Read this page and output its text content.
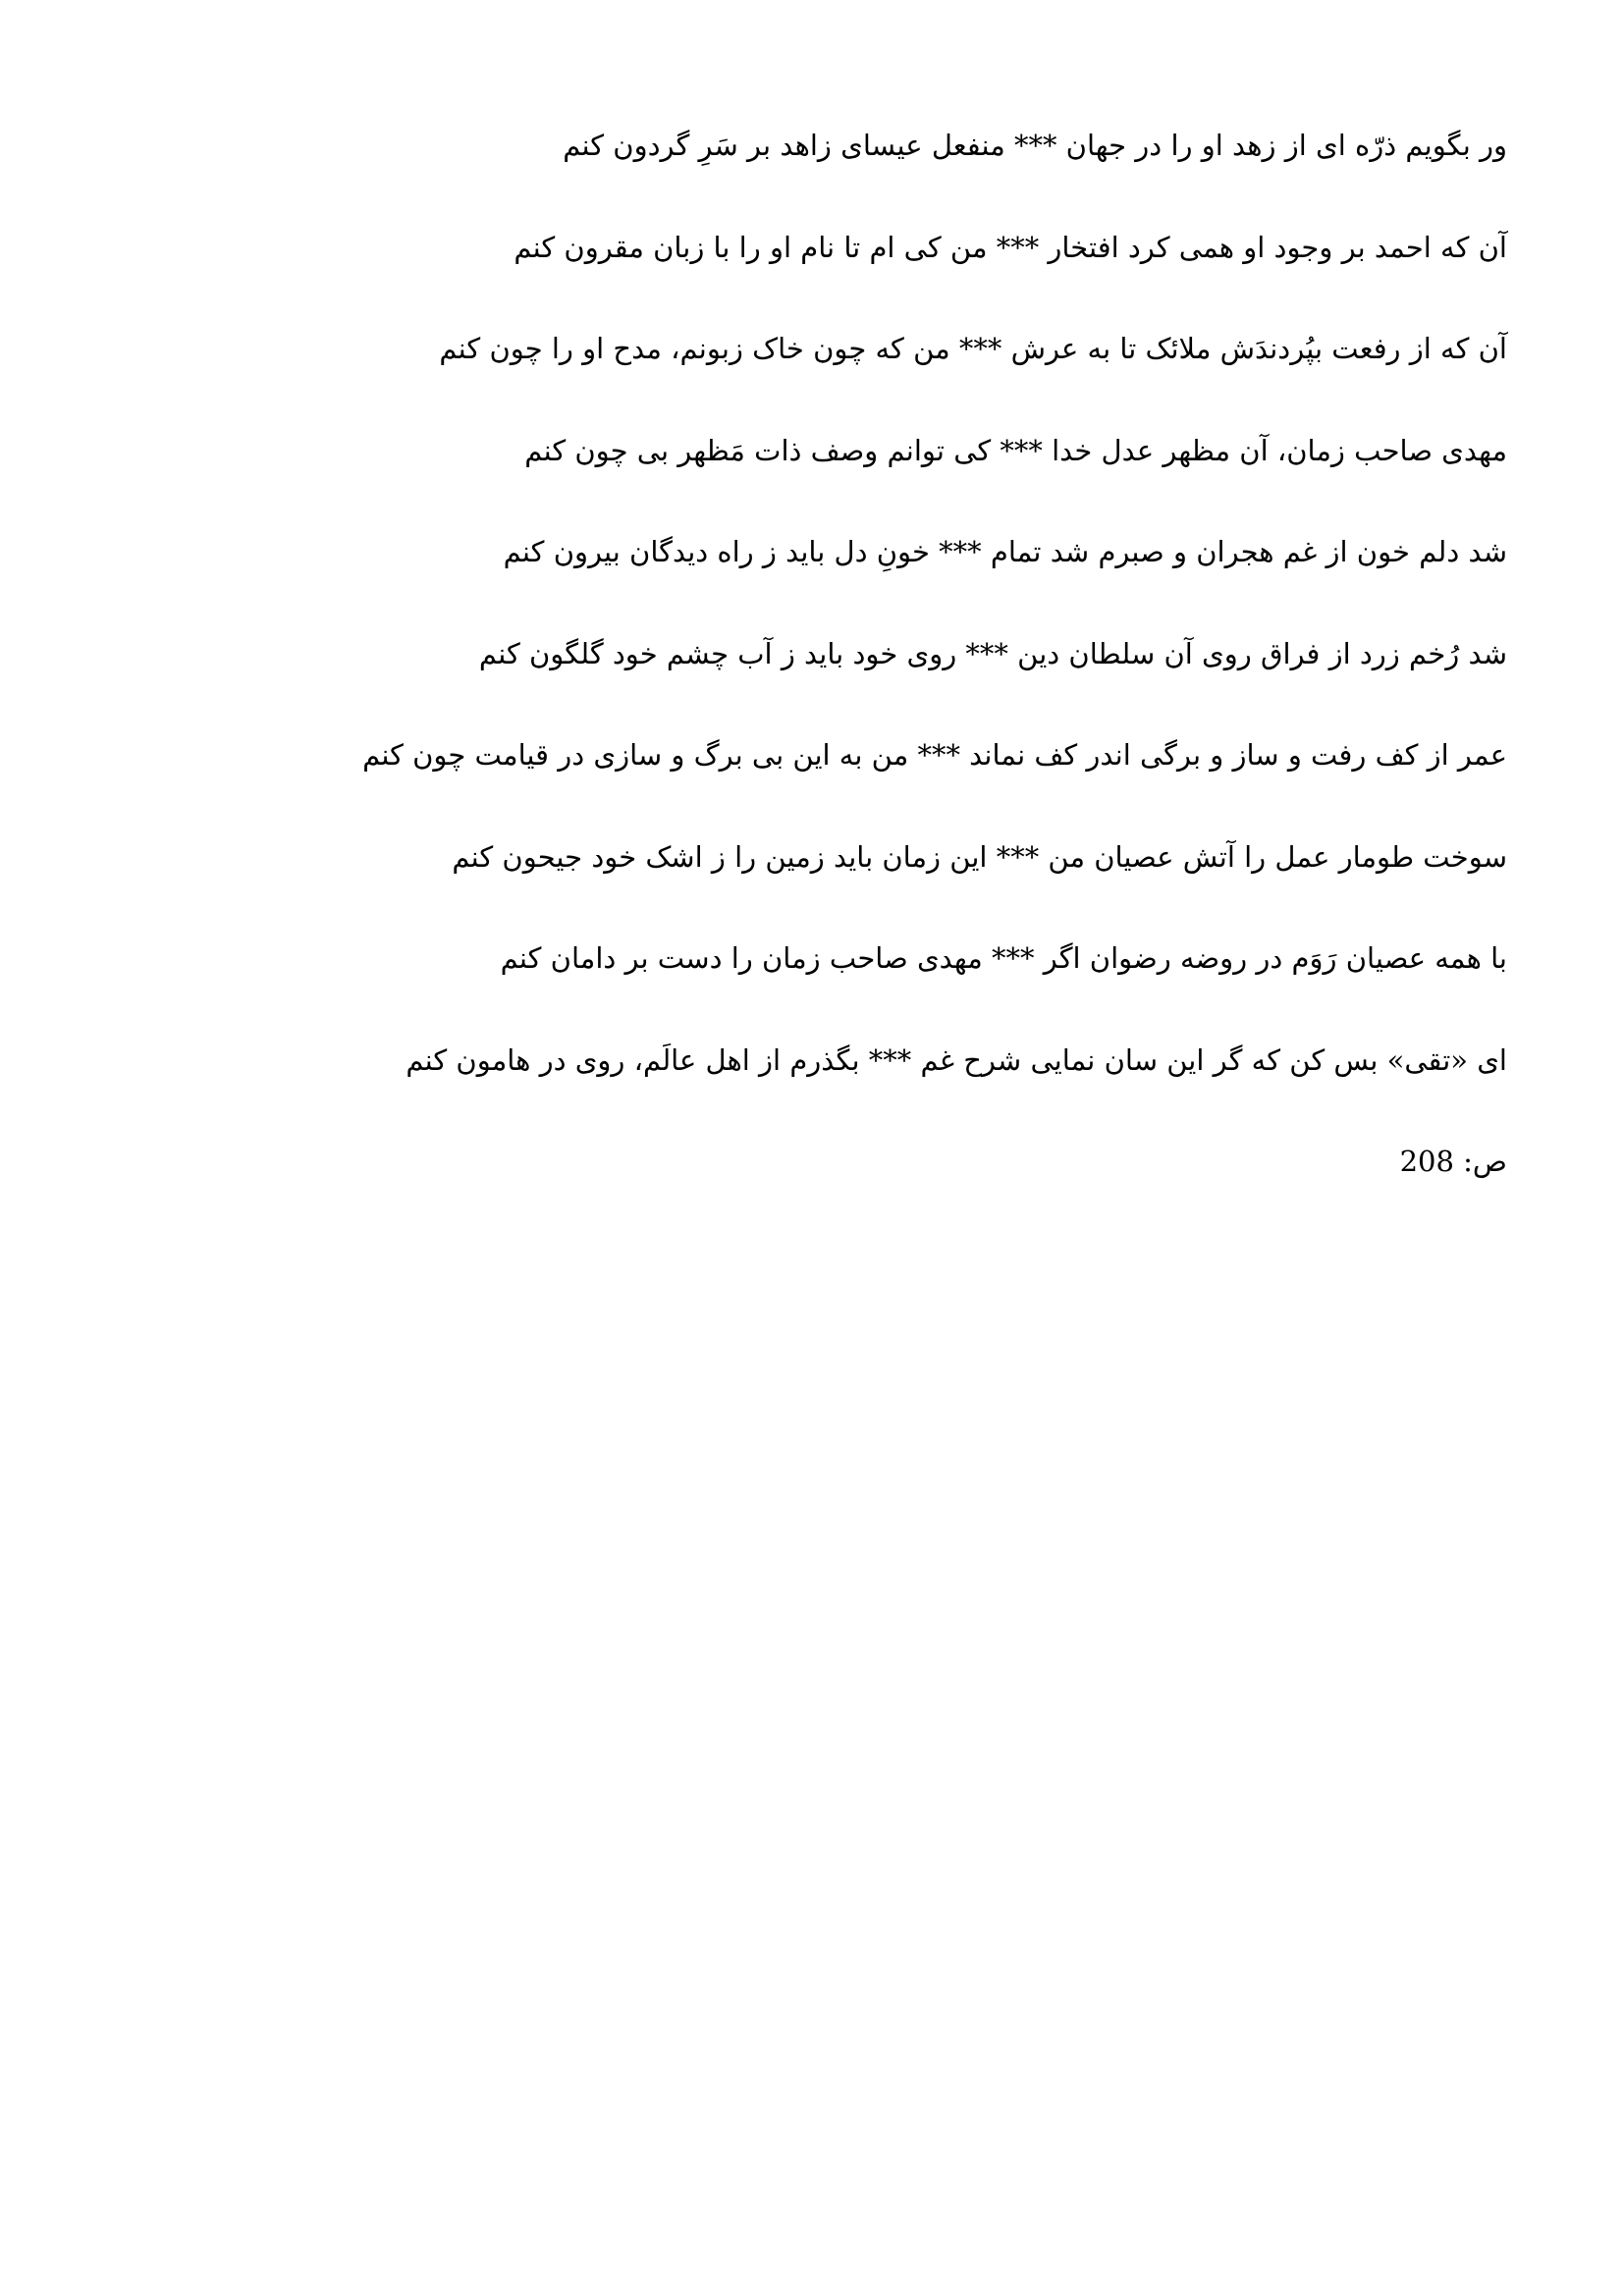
ور بگویم ذرّه ای از زهد او را در جهان *** منفعل عیسای زاهد بر سَرِ گردون کنم

آن که احمد بر وجود او همی کرد افتخار *** من کی ام تا نام او را با زبان مقرون کنم

آن که از رفعت بپُردندَش ملائک تا به عرش *** من که چون خاک زبونم، مدح او را چون کنم

مهدی صاحب زمان، آن مظهر عدل خدا *** کی توانم وصف ذات مَظهر بی چون کنم

شد دلم خون از غم هجران و صبرم شد تمام *** خونِ دل باید ز راه دیدگان بیرون کنم

شد رُخم زرد از فراق روی آن سلطان دین *** روی خود باید ز آب چشم خود گلگون کنم

عمر از کف رفت و ساز و برگی اندر کف نماند *** من به این بی برگ و سازی در قیامت چون کنم

سوخت طومار عمل را آتش عصیان من *** این زمان باید زمین را ز اشک خود جیحون کنم

با همه عصیان رَوَم در روضه رضوان اگر *** مهدی صاحب زمان را دست بر دامان کنم

ای «تقی» بس کن که گر این سان نمایی شرح غم *** بگذرم از اهل عالَم، روی در هامون کنم

ص: 208
